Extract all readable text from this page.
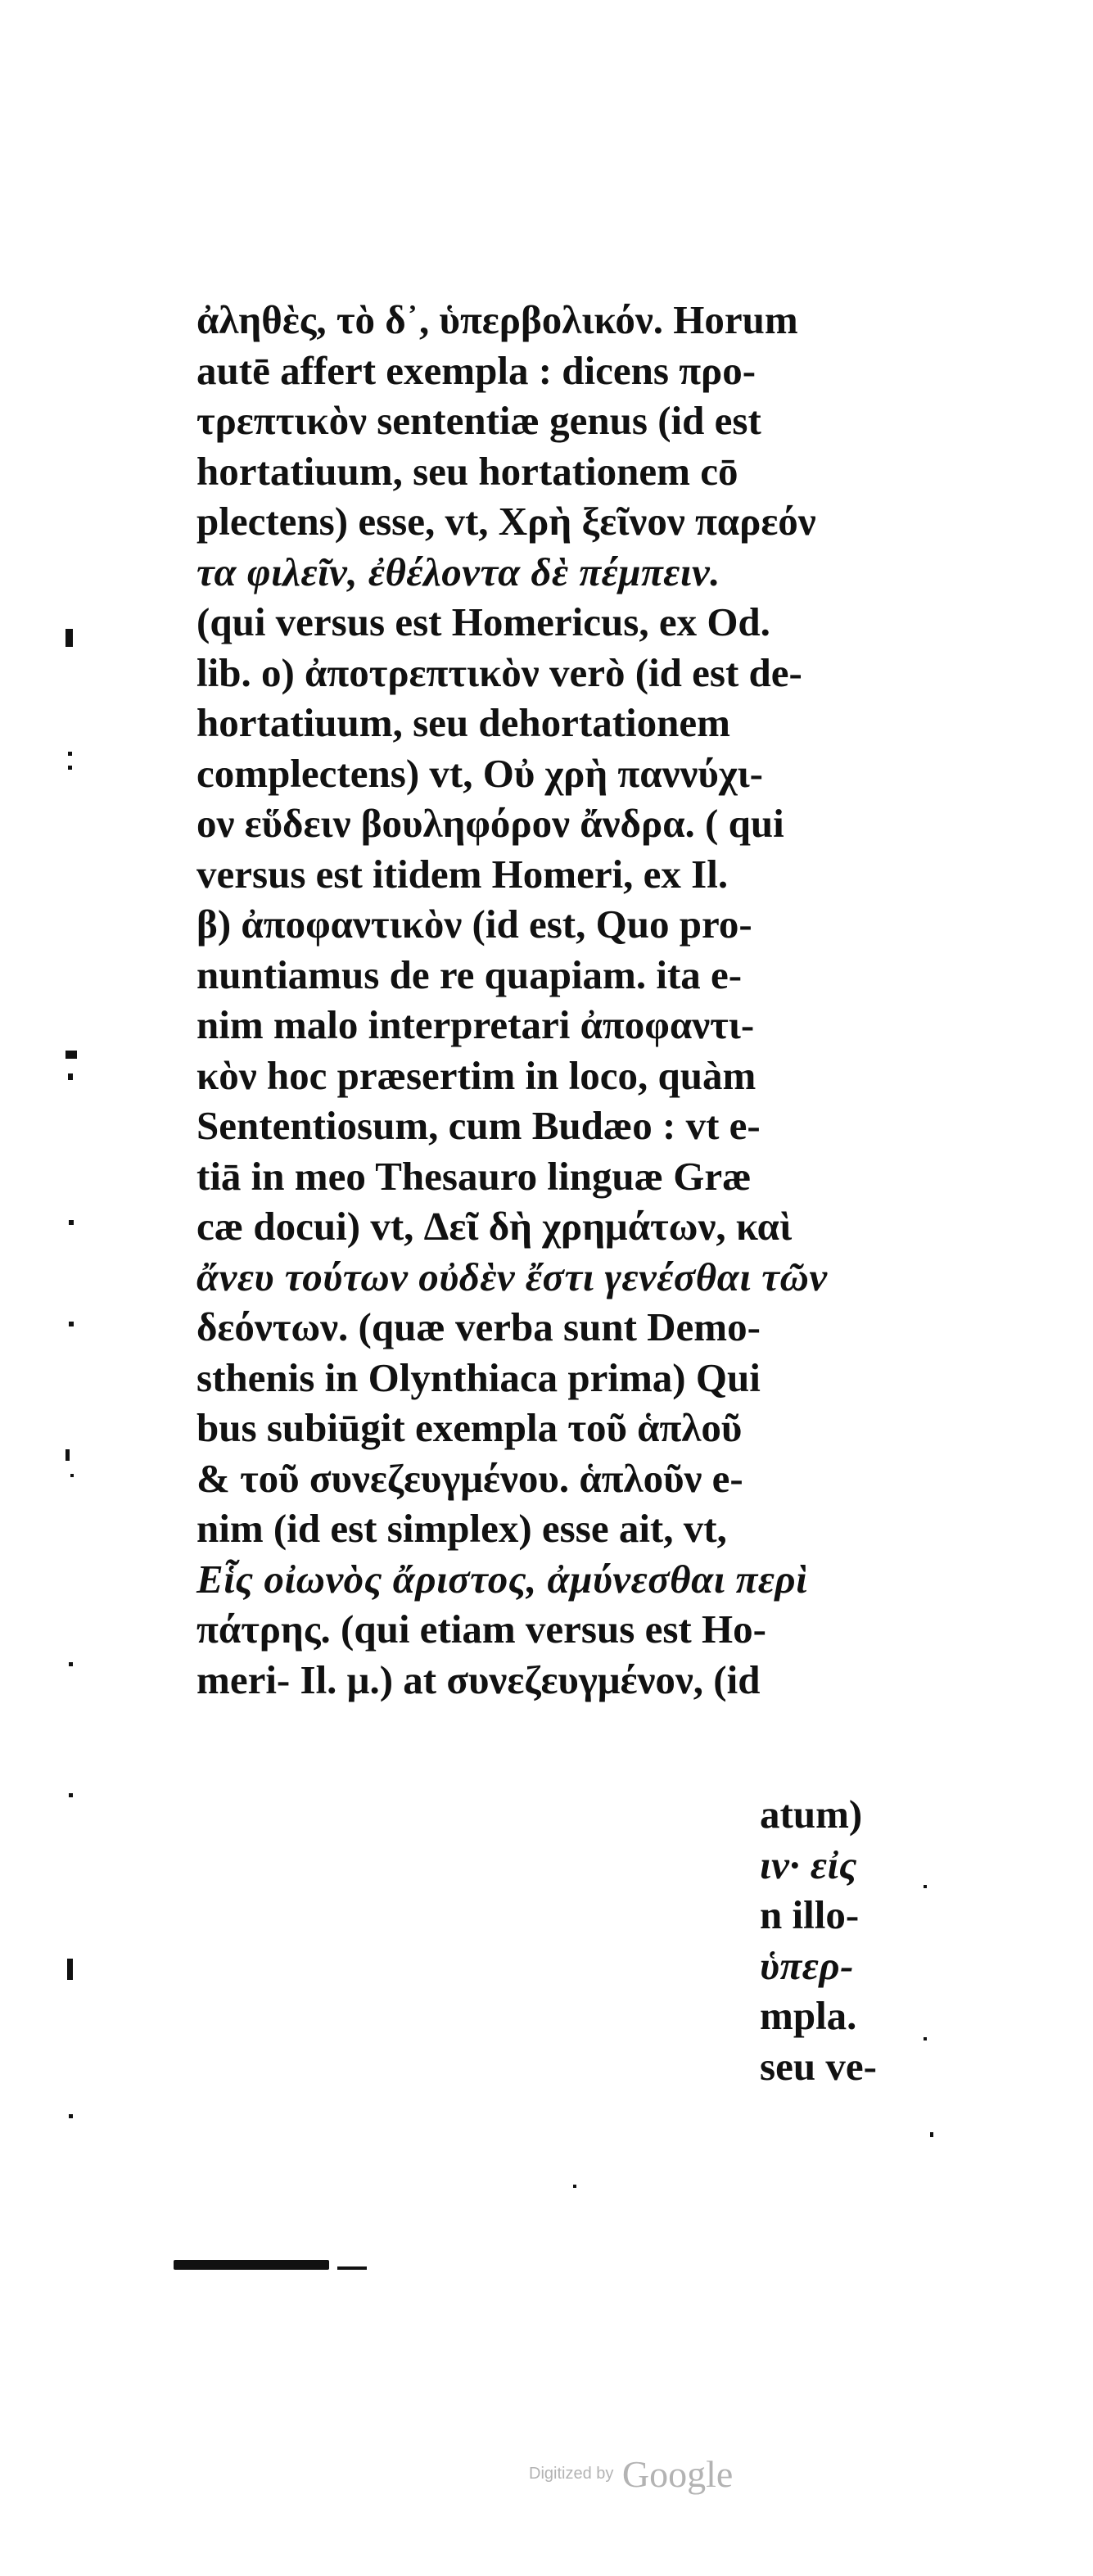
ἀληθὲς, τὸ δ᾽, ὑπερβολικόν. Horum
autē affert exempla : dicens προ-
τρεπτικὸν sententiæ genus (id est
hortatiuum, seu hortationem cō
plectens) esse, vt, Χρὴ ξεῖνον παρεόν
τα φιλεῖν, ἐθέλοντα δὲ πέμπειν.
(qui versus est Homericus, ex Od.
lib. ο) ἀποτρεπτικὸν verò (id est de-
hortatiuum, seu dehortationem
complectens) vt, Οὐ χρὴ παννύχι-
ον εὕδειν βουληφόρον ἄνδρα. ( qui
versus est itidem Homeri, ex Il.
β) ἀποφαντικὸν (id est, Quo pro-
nuntiamus de re quapiam. ita e-
nim malo interpretari ἀποφαντι-
κὸν hoc præsertim in loco, quàm
Sententiosum, cum Budæo : vt e-
tiā in meo Thesauro linguæ Græ
cæ docui) vt, Δεῖ δὴ χρημάτων, καὶ
ἄνευ τούτων οὐδὲν ἔστι γενέσθαι τῶν
δεόντων. (quæ verba sunt Demo-
sthenis in Olynthiaca prima) Qui
bus subiūgit exempla τοῦ ἁπλοῦ
& τοῦ συνεζευγμένου. ἁπλοῦν e-
nim (id est simplex) esse ait, vt,
Εἷς οἰωνὸς ἄριστος, ἀμύνεσθαι περὶ
πάτρης. (qui etiam versus est Ho-
meri- Il. μ.) at συνεζευγμένον, (id
atum)
ιν· εἰς
n illo-
ὑπερ-
mpla.
seu ve-
Digitized by Google
